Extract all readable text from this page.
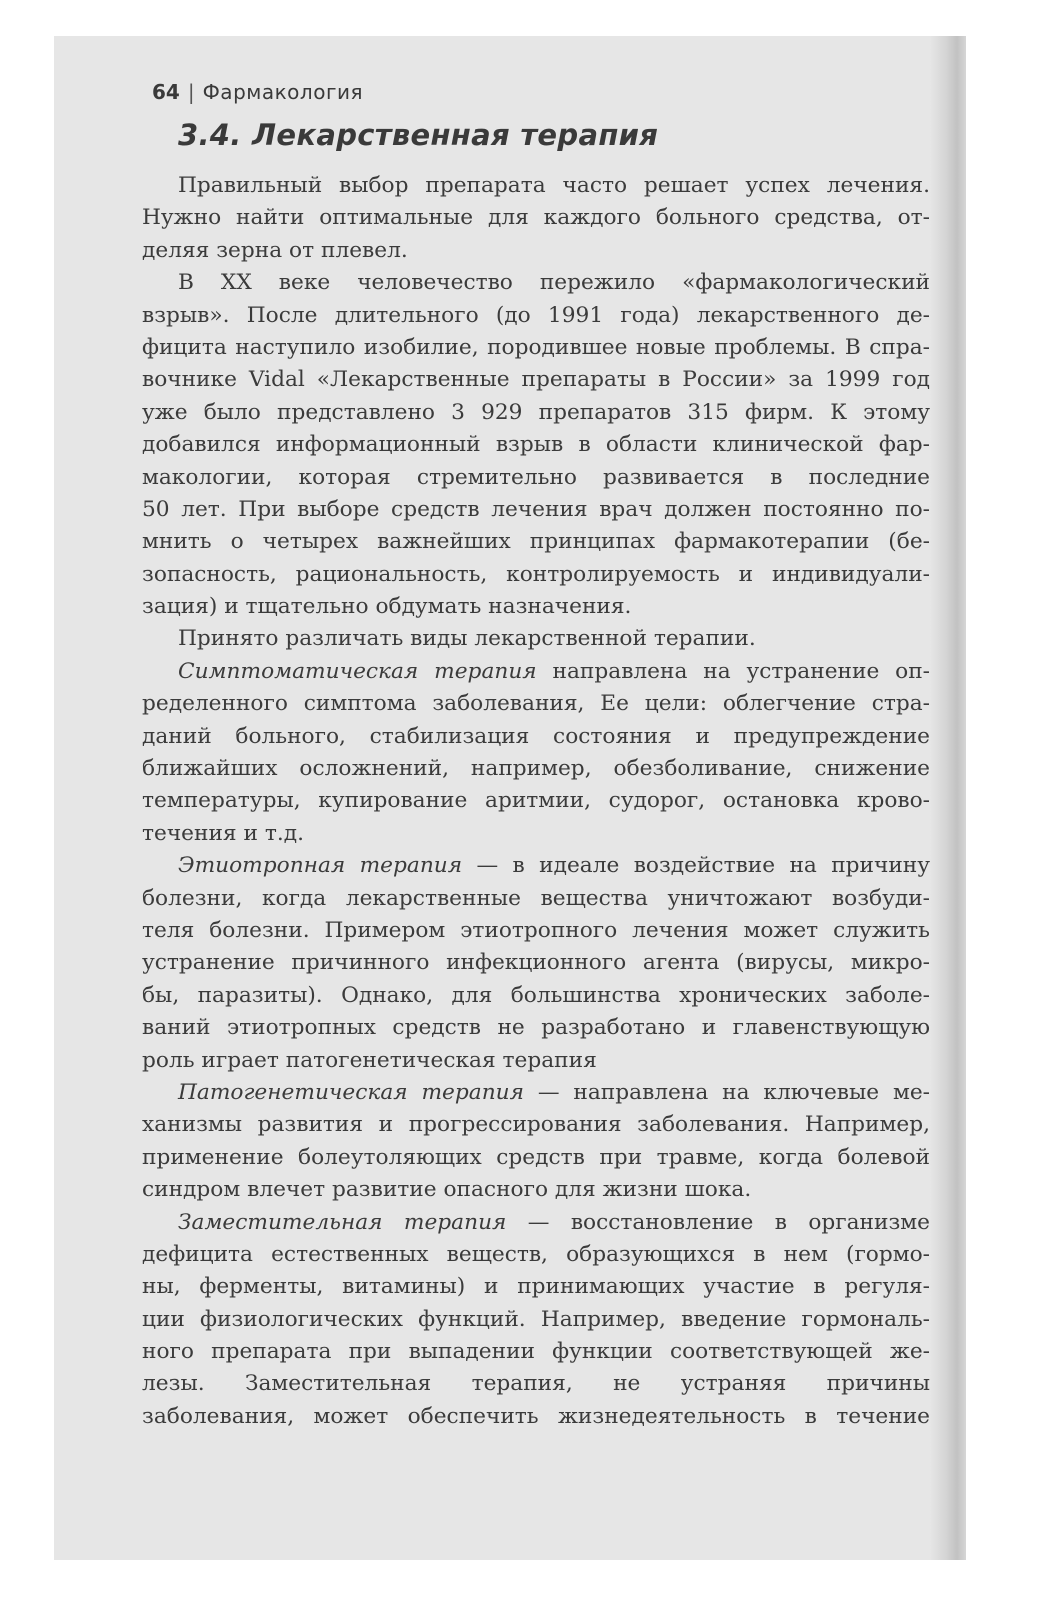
64 | Фармакология
3.4. Лекарственная терапия
Правильный выбор препарата часто решает успех лечения.
Нужно найти оптимальные для каждого больного средства, от-
деляя зерна от плевел.
В XX веке человечество пережило «фармакологический
взрыв». После длительного (до 1991 года) лекарственного де-
фицита наступило изобилие, породившее новые проблемы. В спра-
вочнике Vidal «Лекарственные препараты в России» за 1999 год
уже было представлено 3 929 препаратов 315 фирм. К этому
добавился информационный взрыв в области клинической фар-
макологии, которая стремительно развивается в последние
50 лет. При выборе средств лечения врач должен постоянно по-
мнить о четырех важнейших принципах фармакотерапии (бе-
зопасность, рациональность, контролируемость и индивидуали-
зация) и тщательно обдумать назначения.
Принято различать виды лекарственной терапии.
Симптоматическая терапия направлена на устранение оп-
ределенного симптома заболевания, Ее цели: облегчение стра-
даний больного, стабилизация состояния и предупреждение
ближайших осложнений, например, обезболивание, снижение
температуры, купирование аритмии, судорог, остановка крово-
течения и т.д.
Этиотропная терапия — в идеале воздействие на причину
болезни, когда лекарственные вещества уничтожают возбуди-
теля болезни. Примером этиотропного лечения может служить
устранение причинного инфекционного агента (вирусы, микро-
бы, паразиты). Однако, для большинства хронических заболе-
ваний этиотропных средств не разработано и главенствующую
роль играет патогенетическая терапия
Патогенетическая терапия — направлена на ключевые ме-
ханизмы развития и прогрессирования заболевания. Например,
применение болеутоляющих средств при травме, когда болевой
синдром влечет развитие опасного для жизни шока.
Заместительная терапия — восстановление в организме
дефицита естественных веществ, образующихся в нем (гормо-
ны, ферменты, витамины) и принимающих участие в регуля-
ции физиологических функций. Например, введение гормональ-
ного препарата при выпадении функции соответствующей же-
лезы. Заместительная терапия, не устраняя причины
заболевания, может обеспечить жизнедеятельность в течение
